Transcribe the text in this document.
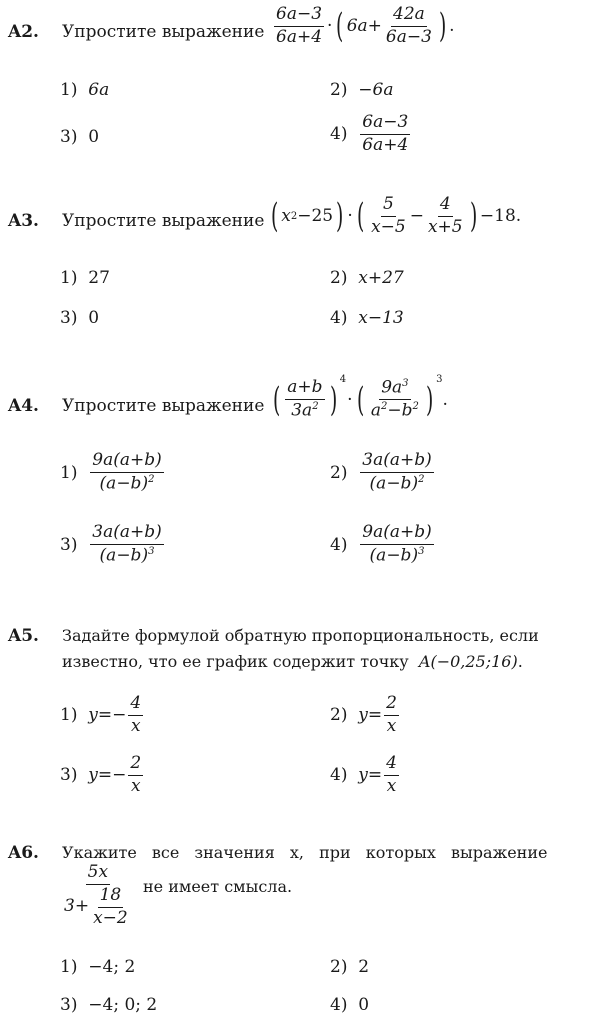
A2. Упростите выражение $\frac{6a-3}{6a+4}$ · ( $6a+ \frac{42a}{6a-3}$ ) .
1) 6a	2) −6a
3) 0	$4) \frac{6a-3}{6a+4}$
A3. Упростите выражение ( x2−25) · ( $\frac{5}{x-5} - \frac{4}{x+5}$ ) −18.
1) 27	2) x+27
3) 0	4) x−13
A4. Упростите выражение ( $\frac{a+b}{3a^2}$ ) $^4$· ( $\frac{9a^3}{a^2-b^2}$ ) $^3$.
$1) \frac{9a(a+b)}{(a-b)^2}$	$2) \frac{3a(a+b)}{(a-b)^2}$
$3) \frac{3a(a+b)}{(a-b)^3}$	$4) \frac{9a(a+b)}{(a-b)^3}$
A5. Задайте формулой обратную пропорциональность, если
известно, что ее график содержит точку A(−0,25;16).
1) $y=- \frac{4}{x}$	2) $y= \frac{2}{x}$
3) $y=- \frac{2}{x}$	4) $y= \frac{4}{x}$
A6. Укажите все значения x, при которых выражение
$\frac{5x}{3+ \frac{18}{x-2}}$ не имеет смысла.
1) −4; 2	2) 2
3) −4; 0; 2	4) 0
